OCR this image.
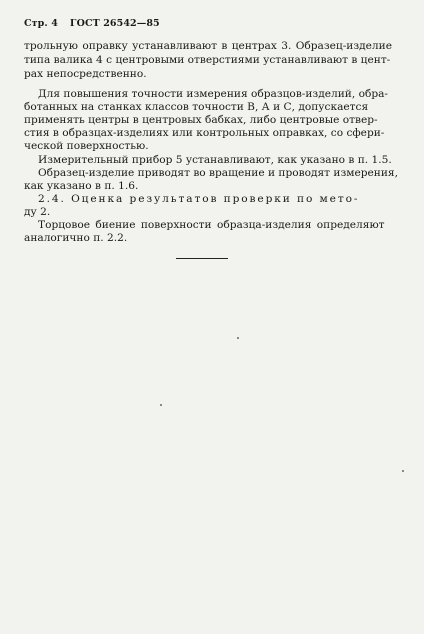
Стр. 4 ГОСТ 26542—85

трольную оправку устанавливают в центрах 3. Образец-изделие

типа валика 4 с центровыми отверстиями устанавливают в цент-

рах непосредственно.

Для повышения точности измерения образцов-изделий, обра-

ботанных на станках классов точности В, А и С, допускается

применять центры в центровых бабках, либо центровые отвер-

стия в образцах-изделиях или контрольных оправках, со сфери-

ческой поверхностью.

Измерительный прибор 5 устанавливают, как указано в п. 1.5.

Образец-изделие приводят во вращение и проводят измерения,

как указано в п. 1.6.

2.4. Оценка результатов проверки по мето-

ду 2.

Торцовое биение поверхности образца-изделия определяют

аналогично п. 2.2.
